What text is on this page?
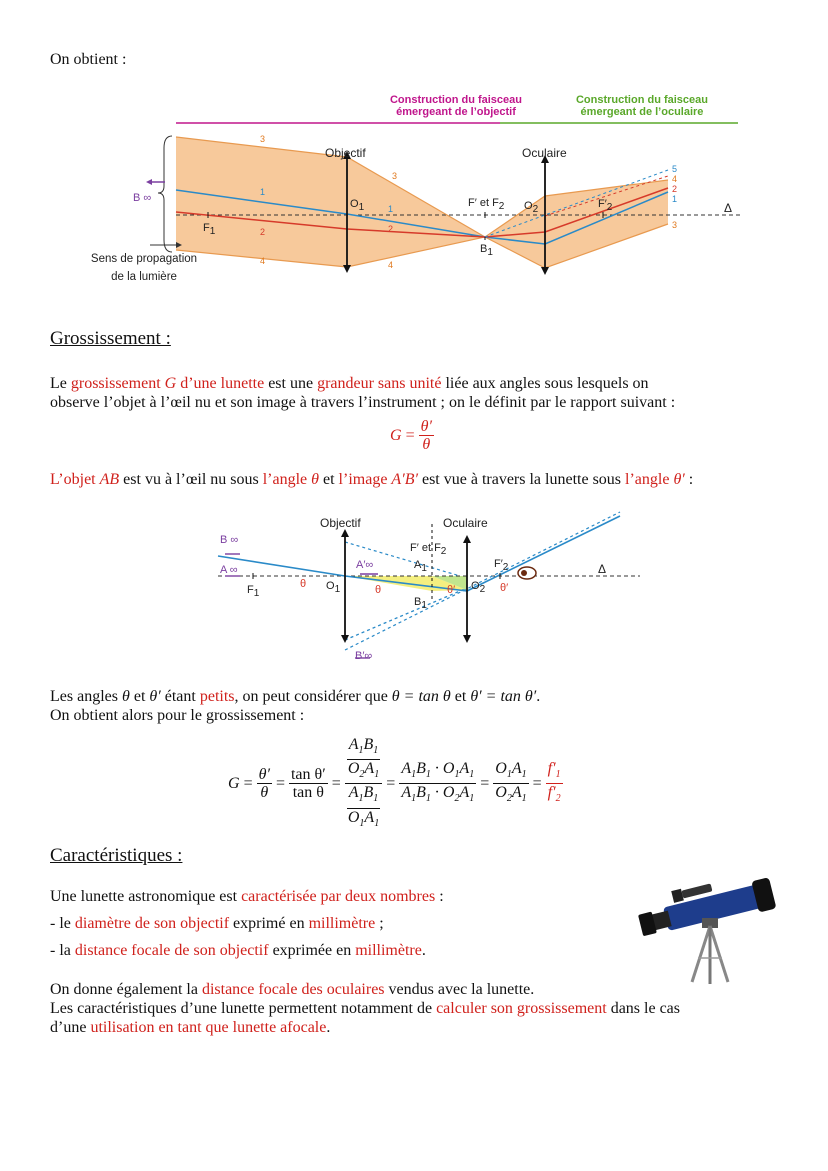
On obtient :
Construction du faisceau
émergeant de l’objectif
Construction du faisceau
émergeant de l’oculaire
Objectif	Oculaire
B ∞
$F_1$
$O_1$	F′ et $F_2$ $O_2$
$B_1$
$F'_2$	Δ
Sens de propagation
de la lumière
3
1
2
4
3
1
2
4
5
4
2
1
3
Grossissement :
Le grossissement G d’une lunette est une grandeur sans unité liée aux angles sous lesquels on
observe l’objet à l’œil nu et son image à travers l’instrument ; on le définit par le rapport suivant :
$G = \frac{\theta'}{\theta}$
L’objet AB est vu à l’œil nu sous l’angle θ et l’image A′B′ est vue à travers la lunette sous l’angle θ′ :
Objectif	Oculaire
B ∞
A ∞
$F_1$
θ $O_1$
A′∞
θ
F′ et $F_2$
$A_1$
$B_1$
θ′ $O_2$
$F'_2$
θ′
Δ
B′∞
Les angles θ et θ′ étant petits, on peut considérer que θ = tan θ et θ′ = tan θ′.
On obtient alors pour le grossissement :
$G = \frac{\theta'}{\theta} = \frac{\text{tan θ′}}{\text{tan θ}} = A_1B_1$
$O_2A_1$
$A_1B_1$
$O_1A_1 = \frac{A_1B_1 \cdot O_1A_1}{A_1B_1 \cdot O_2A_1} = \frac{O_1A_1}{O_2A_1} = \frac{f'_1}{f'_2}$
Caractéristiques :
Une lunette astronomique est caractérisée par deux nombres :
- le diamètre de son objectif exprimé en millimètre ;
- la distance focale de son objectif exprimée en millimètre.
On donne également la distance focale des oculaires vendus avec la lunette.
Les caractéristiques d’une lunette permettent notamment de calculer son grossissement dans le cas
d’une utilisation en tant que lunette afocale.
